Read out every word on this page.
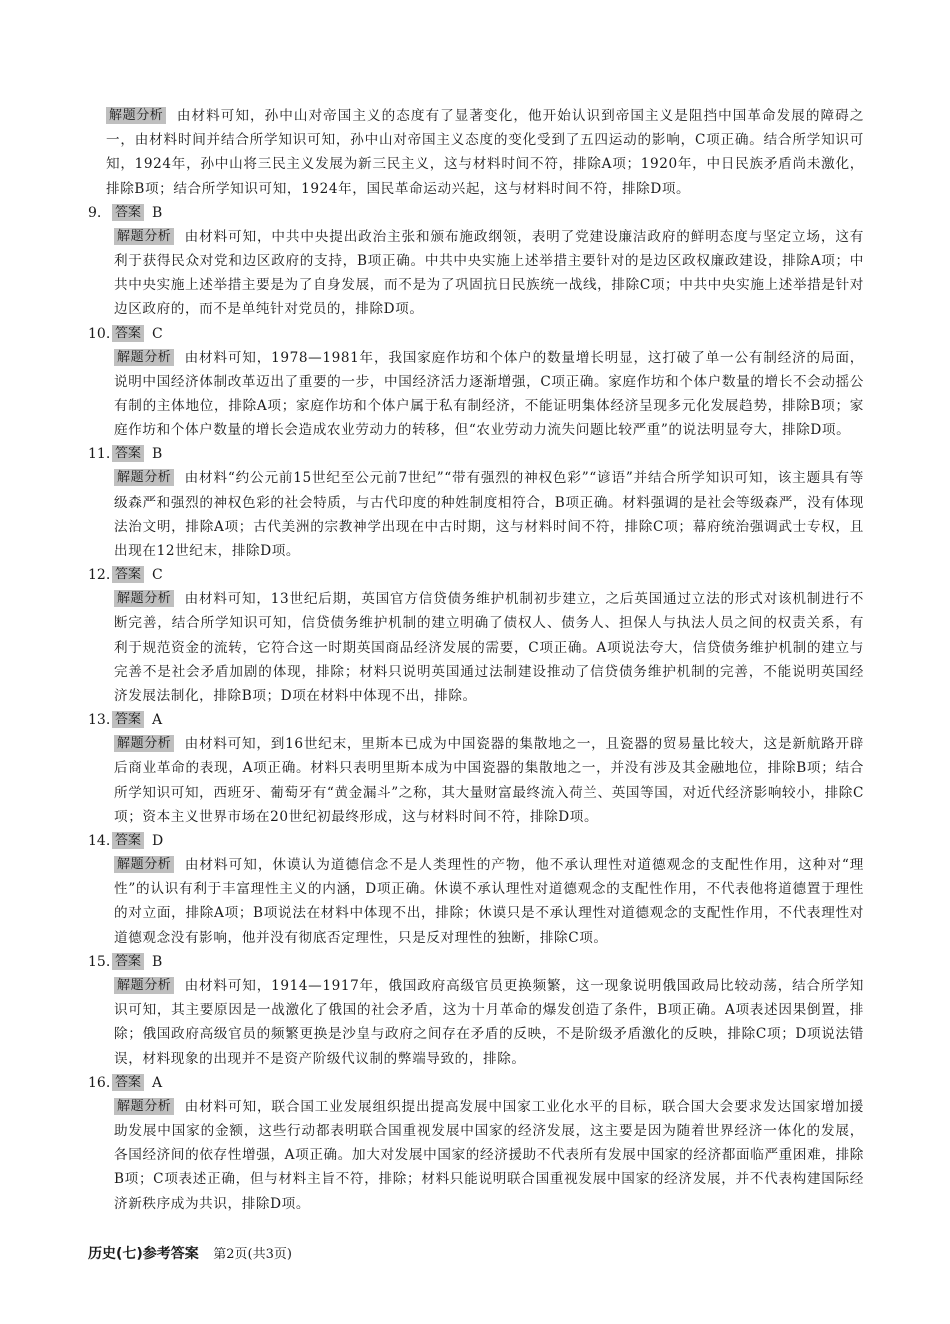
解题分析 由材料可知，孙中山对帝国主义的态度有了显著变化，他开始认识到帝国主义是阻挡中国革命发展的障碍之一，由材料时间并结合所学知识可知，孙中山对帝国主义态度的变化受到了五四运动的影响，C项正确。结合所学知识可知，1924年，孙中山将三民主义发展为新三民主义，这与材料时间不符，排除A项；1920年，中日民族矛盾尚未激化，排除B项；结合所学知识可知，1924年，国民革命运动兴起，这与材料时间不符，排除D项。
9. 答案 B
解题分析 由材料可知，中共中央提出政治主张和颁布施政纲领，表明了党建设廉洁政府的鲜明态度与坚定立场，这有利于获得民众对党和边区政府的支持，B项正确。中共中央实施上述举措主要针对的是边区政权廉政建设，排除A项；中共中央实施上述举措主要是为了自身发展，而不是为了巩固抗日民族统一战线，排除C项；中共中央实施上述举措是针对边区政府的，而不是单纯针对党员的，排除D项。
10. 答案 C
解题分析 由材料可知，1978—1981年，我国家庭作坊和个体户的数量增长明显，这打破了单一公有制经济的局面，说明中国经济体制改革迈出了重要的一步，中国经济活力逐渐增强，C项正确。家庭作坊和个体户数量的增长不会动摇公有制的主体地位，排除A项；家庭作坊和个体户属于私有制经济，不能证明集体经济呈现多元化发展趋势，排除B项；家庭作坊和个体户数量的增长会造成农业劳动力的转移，但“农业劳动力流失问题比较严重”的说法明显夸大，排除D项。
11. 答案 B
解题分析 由材料“约公元前15世纪至公元前7世纪”“带有强烈的神权色彩”“谚语”并结合所学知识可知，该主题具有等级森严和强烈的神权色彩的社会特质，与古代印度的种姓制度相符合，B项正确。材料强调的是社会等级森严，没有体现法治文明，排除A项；古代美洲的宗教神学出现在中古时期，这与材料时间不符，排除C项；幕府统治强调武士专权，且出现在12世纪末，排除D项。
12. 答案 C
解题分析 由材料可知，13世纪后期，英国官方信贷债务维护机制初步建立，之后英国通过立法的形式对该机制进行不断完善，结合所学知识可知，信贷债务维护机制的建立明确了债权人、债务人、担保人与执法人员之间的权责关系，有利于规范资金的流转，它符合这一时期英国商品经济发展的需要，C项正确。A项说法夸大，信贷债务维护机制的建立与完善不是社会矛盾加剧的体现，排除；材料只说明英国通过法制建设推动了信贷债务维护机制的完善，不能说明英国经济发展法制化，排除B项；D项在材料中体现不出，排除。
13. 答案 A
解题分析 由材料可知，到16世纪末，里斯本已成为中国瓷器的集散地之一，且瓷器的贸易量比较大，这是新航路开辟后商业革命的表现，A项正确。材料只表明里斯本成为中国瓷器的集散地之一，并没有涉及其金融地位，排除B项；结合所学知识可知，西班牙、葡萄牙有“黄金漏斗”之称，其大量财富最终流入荷兰、英国等国，对近代经济影响较小，排除C项；资本主义世界市场在20世纪初最终形成，这与材料时间不符，排除D项。
14. 答案 D
解题分析 由材料可知，休谟认为道德信念不是人类理性的产物，他不承认理性对道德观念的支配性作用，这种对“理性”的认识有利于丰富理性主义的内涵，D项正确。休谟不承认理性对道德观念的支配性作用，不代表他将道德置于理性的对立面，排除A项；B项说法在材料中体现不出，排除；休谟只是不承认理性对道德观念的支配性作用，不代表理性对道德观念没有影响，他并没有彻底否定理性，只是反对理性的独断，排除C项。
15. 答案 B
解题分析 由材料可知，1914—1917年，俄国政府高级官员更换频繁，这一现象说明俄国政局比较动荡，结合所学知识可知，其主要原因是一战激化了俄国的社会矛盾，这为十月革命的爆发创造了条件，B项正确。A项表述因果倒置，排除；俄国政府高级官员的频繁更换是沙皇与政府之间存在矛盾的反映，不是阶级矛盾激化的反映，排除C项；D项说法错误，材料现象的出现并不是资产阶级代议制的弊端导致的，排除。
16. 答案 A
解题分析 由材料可知，联合国工业发展组织提出提高发展中国家工业化水平的目标，联合国大会要求发达国家增加援助发展中国家的金额，这些行动都表明联合国重视发展中国家的经济发展，这主要是因为随着世界经济一体化的发展，各国经济间的依存性增强，A项正确。加大对发展中国家的经济援助不代表所有发展中国家的经济都面临严重困难，排除B项；C项表述正确，但与材料主旨不符，排除；材料只能说明联合国重视发展中国家的经济发展，并不代表构建国际经济新秩序成为共识，排除D项。
历史(七)参考答案 第2页(共3页)
